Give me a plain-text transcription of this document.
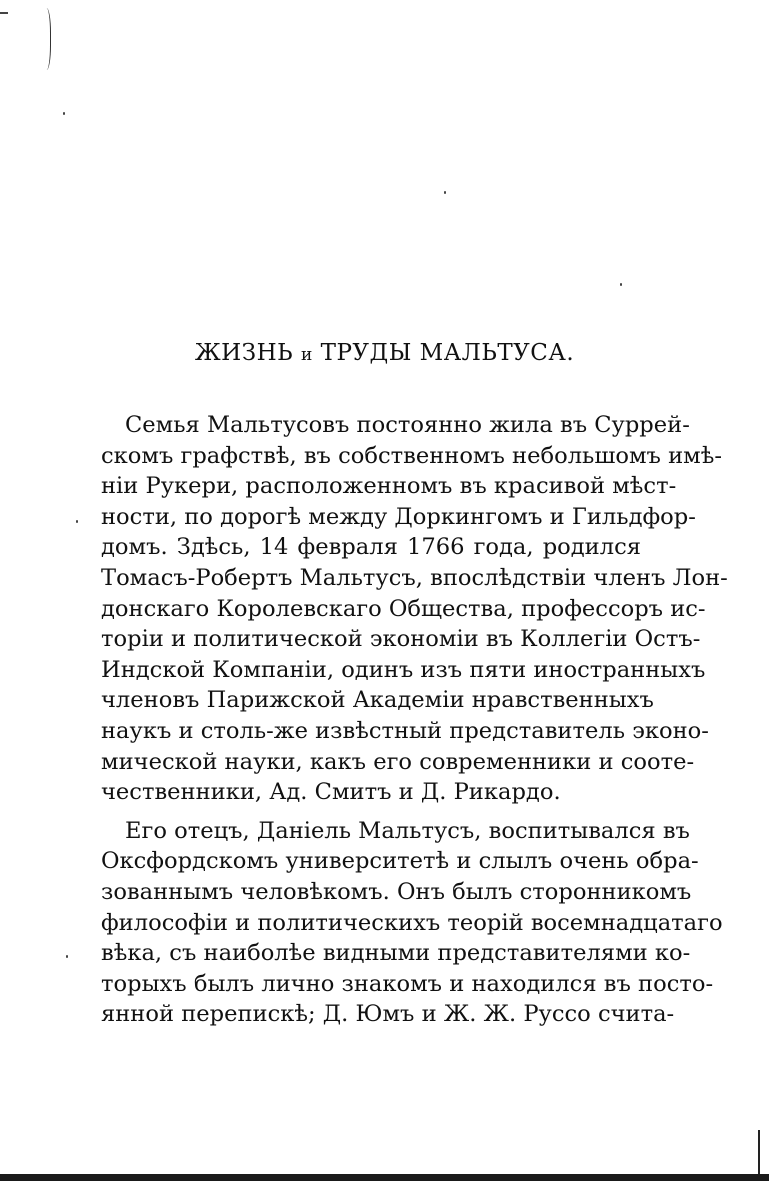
ЖИЗНЬ и ТРУДЫ МАЛЬТУСА.
Семья Мальтусовъ постоянно жила въ Суррей-
скомъ графствѣ, въ собственномъ небольшомъ имѣ-
нiи Рукери, расположенномъ въ красивой мѣст-
ности, по дорогѣ между Доркингомъ и Гильдфор-
домъ. Здѣсь, 14 февраля 1766 года, родился
Томасъ-Робертъ Мальтусъ, впослѣдствiи членъ Лон-
донскаго Королевскаго Общества, профессоръ ис-
торiи и политической экономiи въ Коллегiи Остъ-
Индской Компанiи, одинъ изъ пяти иностранныхъ
членовъ Парижской Академiи нравственныхъ
наукъ и столь-же извѣстный представитель эконо-
мической науки, какъ его современники и сооте-
чественники, Ад. Смитъ и Д. Рикардо.
Его отецъ, Данiель Мальтусъ, воспитывался въ
Оксфордскомъ университетѣ и слылъ очень обра-
зованнымъ человѣкомъ. Онъ былъ сторонникомъ
философiи и политическихъ теорiй восемнадцатаго
вѣка, съ наиболѣе видными представителями ко-
торыхъ былъ лично знакомъ и находился въ посто-
янной перепискѣ; Д. Юмъ и Ж. Ж. Руссо счита-
